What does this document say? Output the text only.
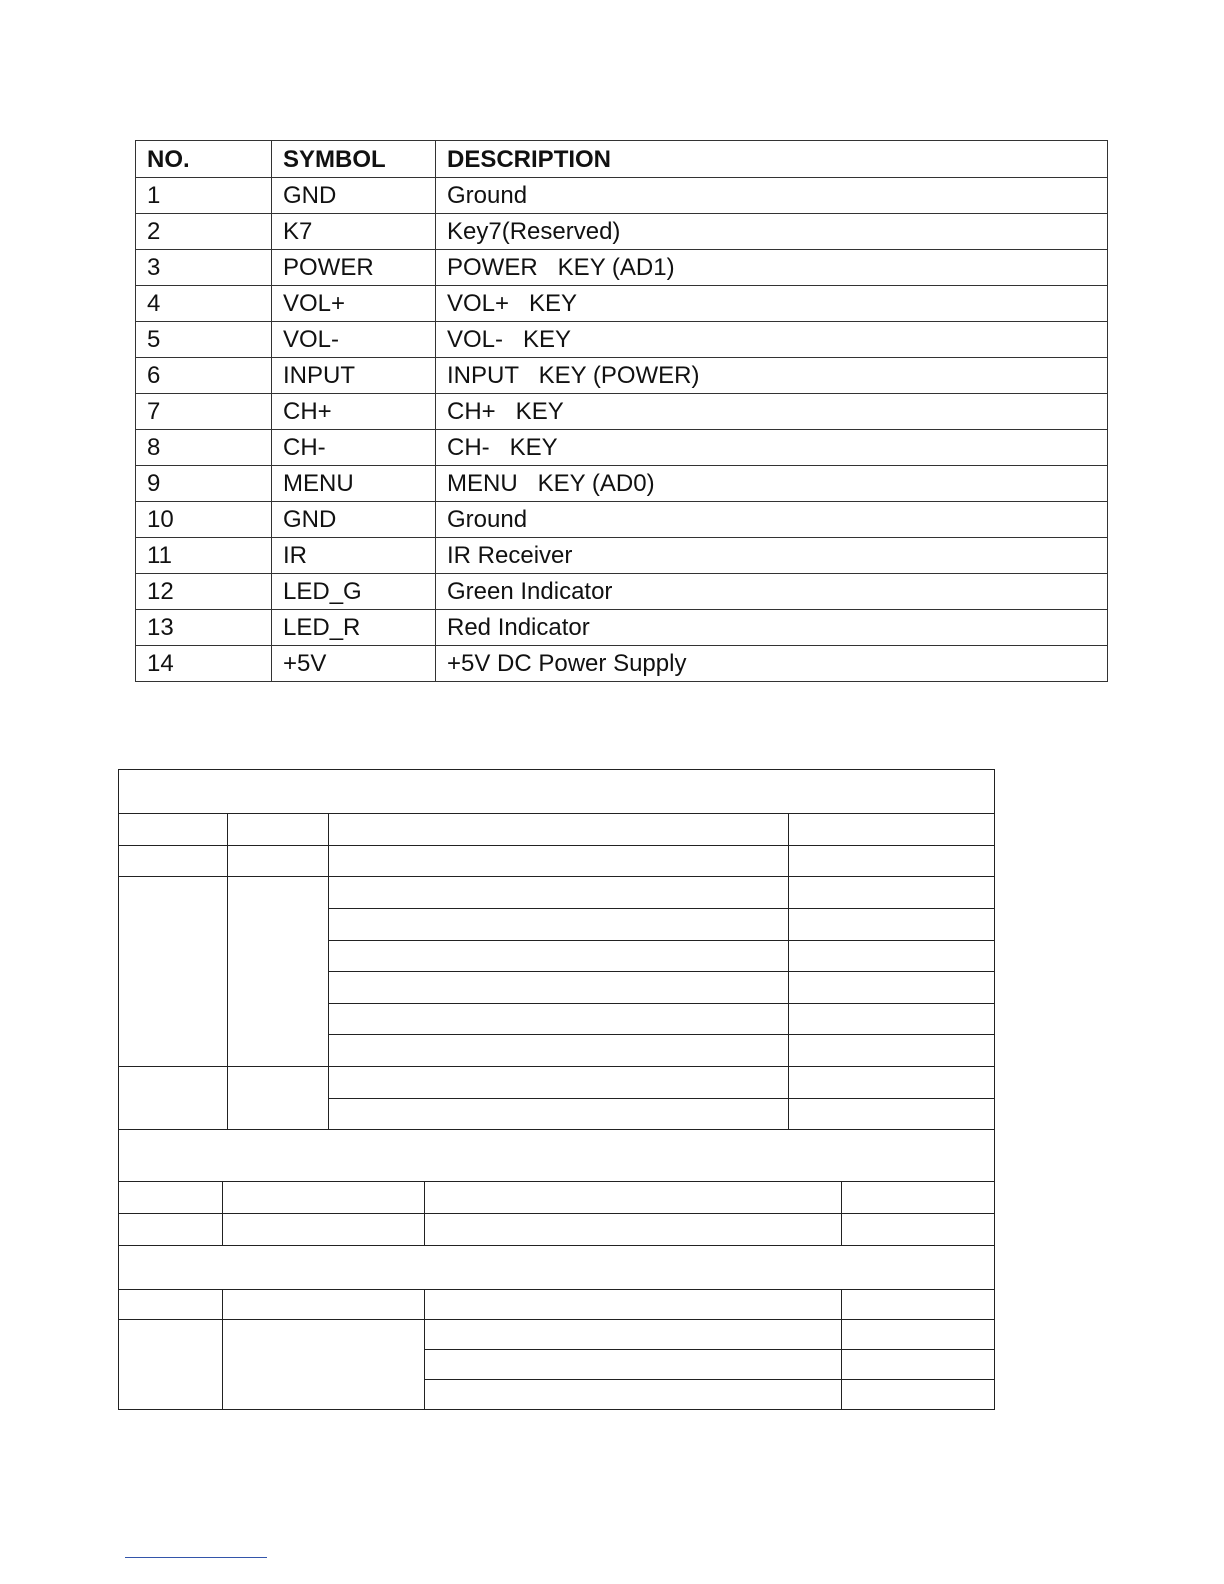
NO.	SYMBOL	DESCRIPTION
1	GND	Ground
2	K7	Key7(Reserved)
3	POWER	POWER   KEY (AD1)
4	VOL+	VOL+   KEY
5	VOL-	VOL-   KEY
6	INPUT	INPUT   KEY (POWER)
7	CH+	CH+   KEY
8	CH-	CH-   KEY
9	MENU	MENU   KEY (AD0)
10	GND	Ground
11	IR	IR Receiver
12	LED_G	Green Indicator
13	LED_R	Red Indicator
14	+5V	+5V DC Power Supply
